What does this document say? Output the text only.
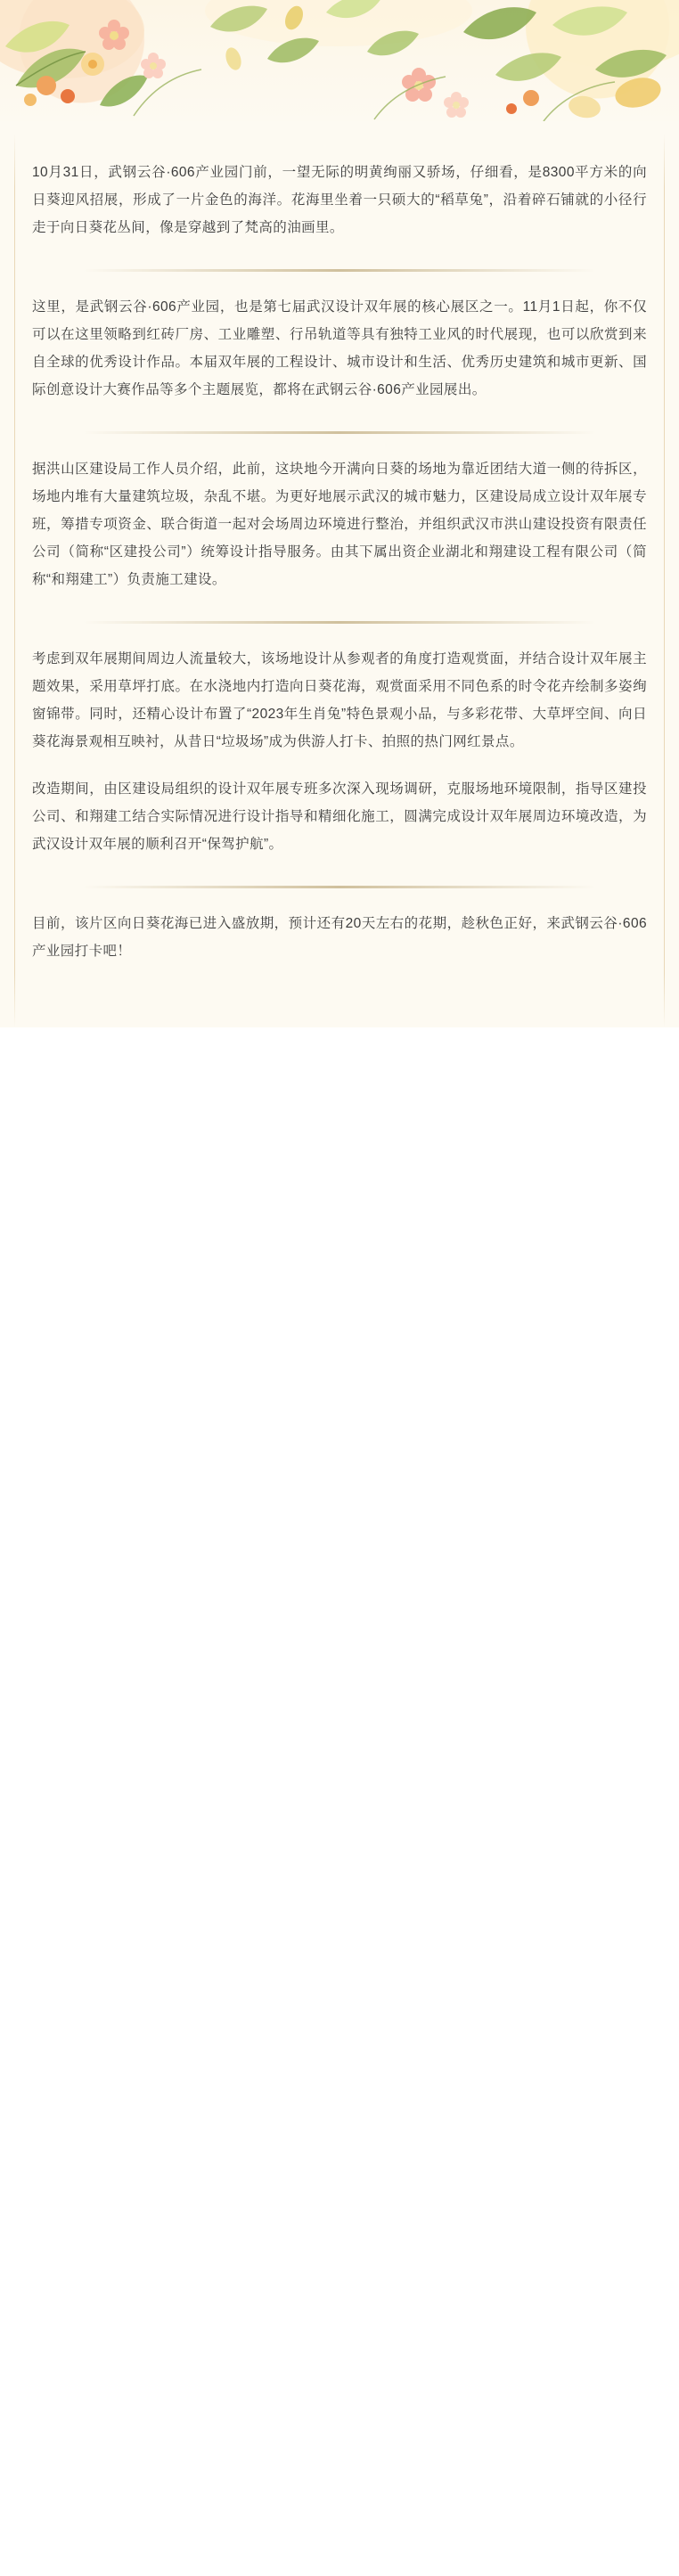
10月31日，武钢云谷·606产业园门前，一望无际的明黄绚丽又骄场，仔细看，是8300平方米的向日葵迎风招展，形成了一片金色的海洋。花海里坐着一只硕大的“稻草兔”，沿着碎石铺就的小径行走于向日葵花丛间，像是穿越到了梵高的油画里。

这里，是武钢云谷·606产业园，也是第七届武汉设计双年展的核心展区之一。11月1日起，你不仅可以在这里领略到红砖厂房、工业雕塑、行吊轨道等具有独特工业风的时代展现，也可以欣赏到来自全球的优秀设计作品。本届双年展的工程设计、城市设计和生活、优秀历史建筑和城市更新、国际创意设计大赛作品等多个主题展览，都将在武钢云谷·606产业园展出。

据洪山区建设局工作人员介绍，此前，这块地今开满向日葵的场地为靠近团结大道一侧的待拆区，场地内堆有大量建筑垃圾，杂乱不堪。为更好地展示武汉的城市魅力，区建设局成立设计双年展专班，筹措专项资金、联合街道一起对会场周边环境进行整治，并组织武汉市洪山建设投资有限责任公司（简称“区建投公司”）统筹设计指导服务。由其下属出资企业湖北和翔建设工程有限公司（简称“和翔建工”）负责施工建设。

考虑到双年展期间周边人流量较大，该场地设计从参观者的角度打造观赏面，并结合设计双年展主题效果，采用草坪打底。在水浇地内打造向日葵花海，观赏面采用不同色系的时令花卉绘制多姿绚窗锦带。同时，还精心设计布置了“2023年生肖兔”特色景观小品，与多彩花带、大草坪空间、向日葵花海景观相互映衬，从昔日“垃圾场”成为供游人打卡、拍照的热门网红景点。

改造期间，由区建设局组织的设计双年展专班多次深入现场调研，克服场地环境限制，指导区建投公司、和翔建工结合实际情况进行设计指导和精细化施工，圆满完成设计双年展周边环境改造，为武汉设计双年展的顺利召开“保驾护航”。

目前，该片区向日葵花海已进入盛放期，预计还有20天左右的花期，趁秋色正好，来武钢云谷·606产业园打卡吧！
